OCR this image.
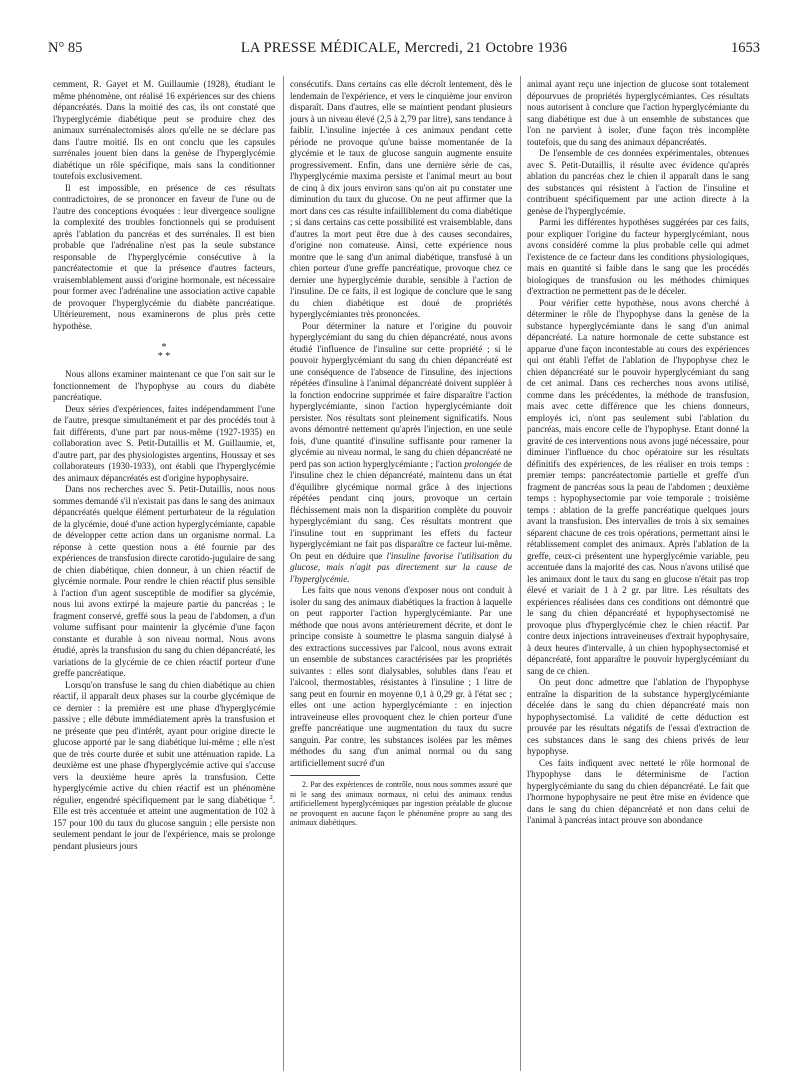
N° 85	LA PRESSE MÉDICALE, Mercredi, 21 Octobre 1936	1653

cemment, R. Gayet et M. Guillaumie (1928), étudiant le même phénomène, ont réalisé 16 expériences sur des chiens dépancréatés. Dans la moitié des cas, ils ont constaté que l'hyperglycémie diabétique peut se produire chez des animaux surrénalectomisés alors qu'elle ne se déclare pas dans l'autre moitié. Ils en ont conclu que les capsules surrénales jouent bien dans la genèse de l'hyperglycémie diabétique un rôle spécifique, mais sans la conditionner toutefois exclusivement.

Il est impossible, en présence de ces résultats contradictoires, de se prononcer en faveur de l'une ou de l'autre des conceptions évoquées : leur divergence souligne la complexité des troubles fonctionnels qui se produisent après l'ablation du pancréas et des surrénales. Il est bien probable que l'adrénaline n'est pas la seule substance responsable de l'hyperglycémie consécutive à la pancréatectomie et que la présence d'autres facteurs, vraisemblablement aussi d'origine hormonale, est nécessaire pour former avec l'adrénaline une association active capable de provoquer l'hyperglycémie du diabète pancréatique. Ultérieurement, nous examinerons de plus près cette hypothèse.

*
* *

Nous allons examiner maintenant ce que l'on sait sur le fonctionnement de l'hypophyse au cours du diabète pancréatique.

Deux séries d'expériences, faites indépendamment l'une de l'autre, presque simultanément et par des procédés tout à fait différents, d'une part par nous-même (1927-1935) en collaboration avec S. Petit-Dutaillis et M. Guillaumie, et, d'autre part, par des physiologistes argentins, Houssay et ses collaborateurs (1930-1933), ont établi que l'hyperglycémie des animaux dépancréatés est d'origine hypophysaire.

Dans nos recherches avec S. Petit-Dutaillis, nous nous sommes demandé s'il n'existait pas dans le sang des animaux dépancréatés quelque élément perturbateur de la régulation de la glycémie, doué d'une action hyperglycémiante, capable de développer cette action dans un organisme normal. La réponse à cette question nous a été fournie par des expériences de transfusion directe carotido-jugulaire de sang de chien diabétique, chien donneur, à un chien réactif de glycémie normale. Pour rendre le chien réactif plus sensible à l'action d'un agent susceptible de modifier sa glycémie, nous lui avons extirpé la majeure partie du pancréas ; le fragment conservé, greffé sous la peau de l'abdomen, a d'un volume suffisant pour maintenir la glycémie d'une façon constante et durable à son niveau normal. Nous avons étudié, après la transfusion du sang du chien dépancréaté, les variations de la glycémie de ce chien réactif porteur d'une greffe pancréatique.

Lorsqu'on transfuse le sang du chien diabétique au chien réactif, il apparaît deux phases sur la courbe glycémique de ce dernier : la première est une phase d'hyperglycémie passive ; elle débute immédiatement après la transfusion et ne présente que peu d'intérêt, ayant pour origine directe le glucose apporté par le sang diabétique lui-même ; elle n'est que de très courte durée et subit une atténuation rapide. La deuxième est une phase d'hyperglycémie active qui s'accuse vers la deuxième heure après la transfusion. Cette hyperglycémie active du chien réactif est un phénomène régulier, engendré spécifiquement par le sang diabétique $^2$. Elle est très accentuée et atteint une augmentation de 102 à 157 pour 100 du taux du glucose sanguin ; elle persiste non seulement pendant le jour de l'expérience, mais se prolonge pendant plusieurs jours

consécutifs. Dans certains cas elle décroît lentement, dès le lendemain de l'expérience, et vers le cinquième jour environ disparaît. Dans d'autres, elle se maintient pendant plusieurs jours à un niveau élevé (2,5 à 2,79 par litre), sans tendance à faiblir. L'insuline injectée à ces animaux pendant cette période ne provoque qu'une baisse momentanée de la glycémie et le taux de glucose sanguin augmente ensuite progressivement. Enfin, dans une dernière série de cas, l'hyperglycémie maxima persiste et l'animal meurt au bout de cinq à dix jours environ sans qu'on ait pu constater une diminution du taux du glucose. On ne peut affirmer que la mort dans ces cas résulte infailliblement du coma diabétique ; si dans certains cas cette possibilité est vraisemblable, dans d'autres la mort peut être due à des causes secondaires, d'origine non comateuse. Ainsi, cette expérience nous montre que le sang d'un animal diabétique, transfusé à un chien porteur d'une greffe pancréatique, provoque chez ce dernier une hyperglycémie durable, sensible à l'action de l'insuline. De ce faits, il est logique de conclure que le sang du chien diabétique est doué de propriétés hyperglycémiantes très prononcées.

Pour déterminer la nature et l'origine du pouvoir hyperglycémiant du sang du chien dépancréaté, nous avons étudié l'influence de l'insuline sur cette propriété ; si le pouvoir hyperglycémiant du sang du chien dépancréaté est une conséquence de l'absence de l'insuline, des injections répétées d'insuline à l'animal dépancréaté doivent suppléer à la fonction endocrine supprimée et faire disparaître l'action hyperglycémiante, sinon l'action hyperglycémiante doit persister. Nos résultats sont pleinement significatifs. Nous avons démontré nettement qu'après l'injection, en une seule fois, d'une quantité d'insuline suffisante pour ramener la glycémie au niveau normal, le sang du chien dépancréaté ne perd pas son action hyperglycémiante ; l'action prolongée de l'insuline chez le chien dépancréaté, maintenu dans un état d'équilibre glycémique normal grâce à des injections répétées pendant cinq jours, provoque un certain fléchissement mais non la disparition complète du pouvoir hyperglycémiant du sang. Ces résultats montrent que l'insuline tout en supprimant les effets du facteur hyperglycémiant ne fait pas disparaître ce facteur lui-même. On peut en déduire que l'insuline favorise l'utilisation du glucose, mais n'agit pas directement sur la cause de l'hyperglycémie.

Les faits que nous venons d'exposer nous ont conduit à isoler du sang des animaux diabétiques la fraction à laquelle on peut rapporter l'action hyperglycémiante. Par une méthode que nous avons antérieurement décrite, et dont le principe consiste à soumettre le plasma sanguin dialysé à des extractions successives par l'alcool, nous avons extrait un ensemble de substances caractérisées par les propriétés suivantes : elles sont dialysables, solubles dans l'eau et l'alcool, thermostables, résistantes à l'insuline ; 1 litre de sang peut en fournir en moyenne 0,1 à 0,29 gr. à l'état sec ; elles ont une action hyperglycémiante : en injection intraveineuse elles provoquent chez le chien porteur d'une greffe pancréatique une augmentation du taux du sucre sanguin. Par contre, les substances isolées par les mêmes méthodes du sang d'un animal normal ou du sang artificiellement sucré d'un

2. Par des expériences de contrôle, nous nous sommes assuré que ni le sang des animaux normaux, ni celui des animaux rendus artificiellement hyperglycémiques par ingestion préalable de glucose ne provoquent en aucune façon le phénomène propre au sang des animaux diabétiques.

animal ayant reçu une injection de glucose sont totalement dépourvues de propriétés hyperglycémiantes. Ces résultats nous autorisent à conclure que l'action hyperglycémiante du sang diabétique est due à un ensemble de substances que l'on ne parvient à isoler, d'une façon très incomplète toutefois, que du sang des animaux dépancréatés.

De l'ensemble de ces données expérimentales, obtenues avec S. Petit-Dutaillis, il résulte avec évidence qu'après ablation du pancréas chez le chien il apparaît dans le sang des substances qui résistent à l'action de l'insuline et contribuent spécifiquement par une action directe à la genèse de l'hyperglycémie.

Parmi les différentes hypothèses suggérées par ces faits, pour expliquer l'origine du facteur hyperglycémiant, nous avons considéré comme la plus probable celle qui admet l'existence de ce facteur dans les conditions physiologiques, mais en quantité si faible dans le sang que les procédés biologiques de transfusion ou les méthodes chimiques d'extraction ne permettent pas de le déceler.

Pour vérifier cette hypothèse, nous avons cherché à déterminer le rôle de l'hypophyse dans la genèse de la substance hyperglycémiante dans le sang d'un animal dépancréaté. La nature hormonale de cette substance est apparue d'une façon incontestable au cours des expériences qui ont établi l'effet de l'ablation de l'hypophyse chez le chien dépancréaté sur le pouvoir hyperglycémiant du sang de cet animal. Dans ces recherches nous avons utilisé, comme dans les précédentes, la méthode de transfusion, mais avec cette différence que les chiens donneurs, employés ici, n'ont pas seulement subi l'ablation du pancréas, mais encore celle de l'hypophyse. Etant donné la gravité de ces interventions nous avons jugé nécessaire, pour diminuer l'influence du choc opératoire sur les résultats définitifs des expériences, de les réaliser en trois temps : premier temps: pancréatectomie partielle et greffe d'un fragment de pancréas sous la peau de l'abdomen ; deuxième temps : hypophysectomie par voie temporale ; troisième temps : ablation de la greffe pancréatique quelques jours avant la transfusion. Des intervalles de trois à six semaines séparent chacune de ces trois opérations, permettant ainsi le rétablissement complet des animaux. Après l'ablation de la greffe, ceux-ci présentent une hyperglycémie variable, peu accentuée dans la majorité des cas. Nous n'avons utilisé que les animaux dont le taux du sang en glucose n'était pas trop élevé et variait de 1 à 2 gr. par litre. Les résultats des expériences réalisées dans ces conditions ont démontré que le sang du chien dépancréaté et hypophysectomisé ne provoque plus d'hyperglycémie chez le chien réactif. Par contre deux injections intraveineuses d'extrait hypophysaire, à deux heures d'intervalle, à un chien hypophysectomisé et dépancréaté, font apparaître le pouvoir hyperglycémiant du sang de ce chien.

On peut donc admettre que l'ablation de l'hypophyse entraîne la disparition de la substance hyperglycémiante décelée dans le sang du chien dépancréaté mais non hypophysectomisé. La validité de cette déduction est prouvée par les résultats négatifs de l'essai d'extraction de ces substances dans le sang des chiens privés de leur hypophyse.

Ces faits indiquent avec netteté le rôle hormonal de l'hypophyse dans le déterminisme de l'action hyperglycémiante du sang du chien dépancréaté. Le fait que l'hormone hypophysaire ne peut être mise en évidence que dans le sang du chien dépancréaté et non dans celui de l'animal à pancréas intact prouve son abondance
